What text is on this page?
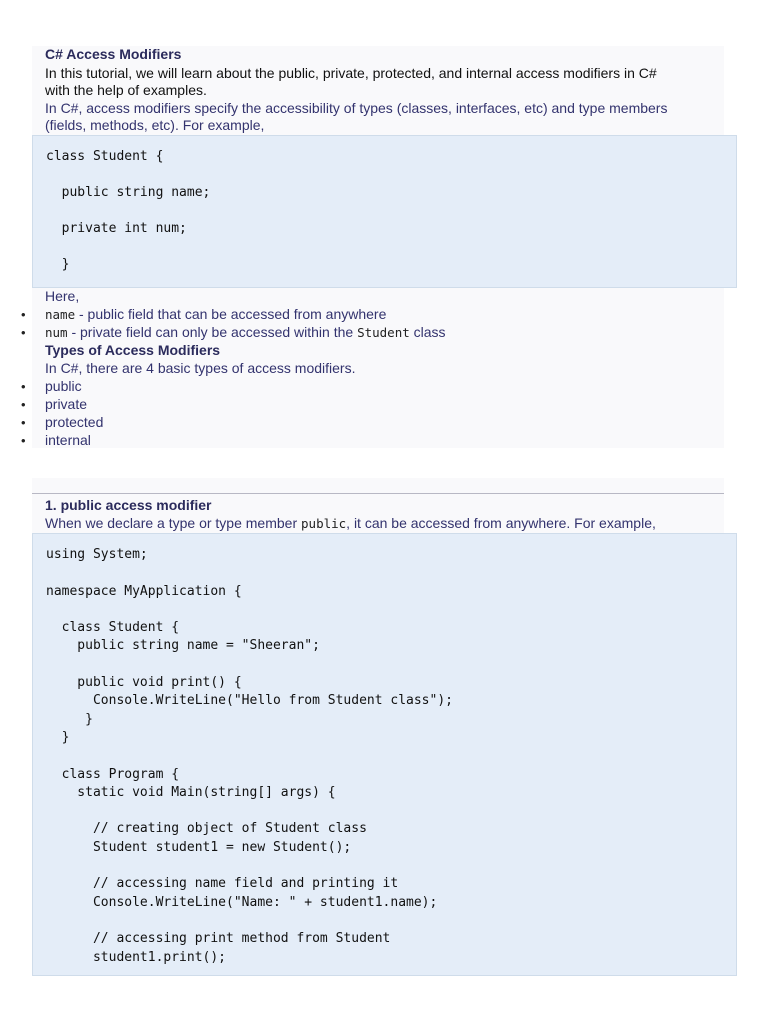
C# Access Modifiers
In this tutorial, we will learn about the public, private, protected, and internal access modifiers in C#
with the help of examples.
In C#, access modifiers specify the accessibility of types (classes, interfaces, etc) and type members
(fields, methods, etc). For example,
class Student {

public string name;

private int num;

}
Here,
• name - public field that can be accessed from anywhere
• num - private field can only be accessed within the Student class
Types of Access Modifiers
In C#, there are 4 basic types of access modifiers.
• public
• private
• protected
• internal
1. public access modifier
When we declare a type or type member public, it can be accessed from anywhere. For example,
using System;

namespace MyApplication {

class Student {
public string name = "Sheeran";

public void print() {
Console.WriteLine("Hello from Student class");
}
}

class Program {
static void Main(string[] args) {

// creating object of Student class
Student student1 = new Student();

// accessing name field and printing it
Console.WriteLine("Name: " + student1.name);

// accessing print method from Student
student1.print();
